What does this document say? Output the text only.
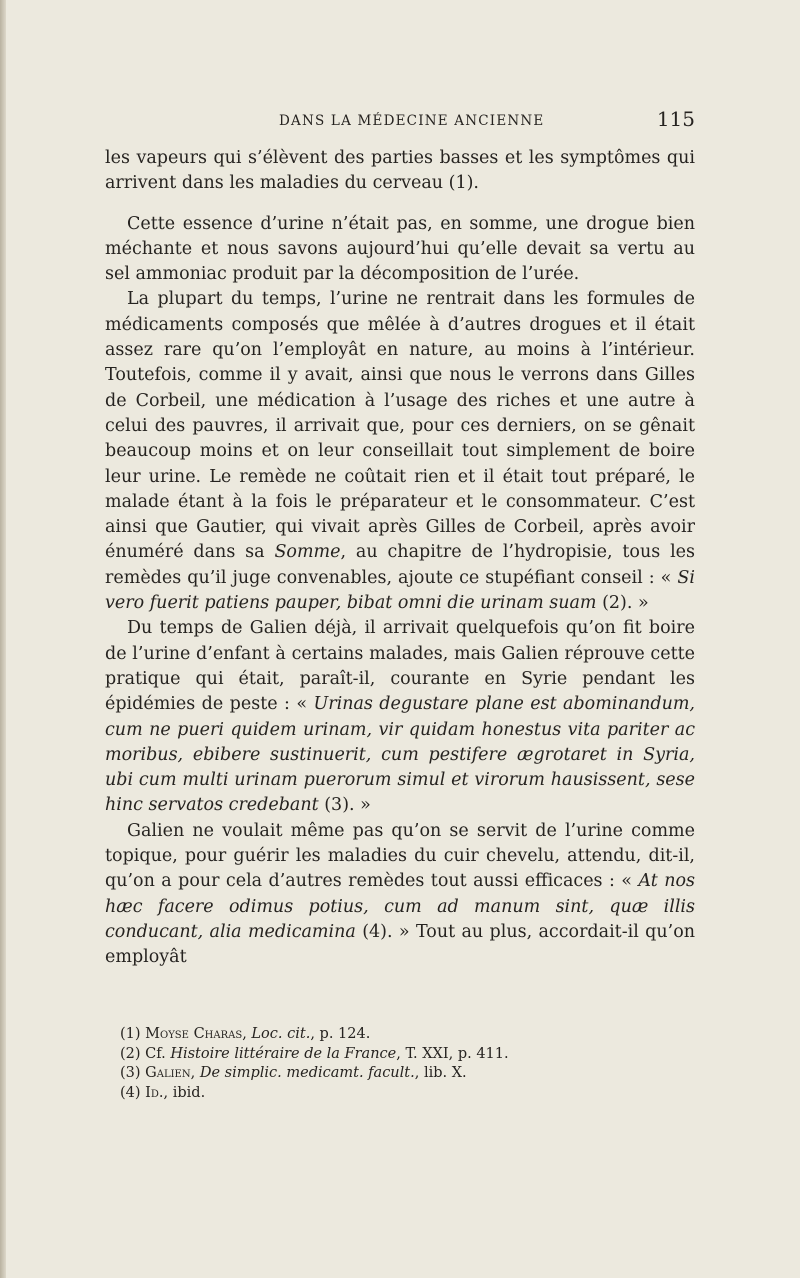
DANS LA MÉDECINE ANCIENNE	115

les vapeurs qui s’élèvent des parties basses et les symptômes qui arrivent dans les maladies du cerveau (1).

Cette essence d’urine n’était pas, en somme, une drogue bien méchante et nous savons aujourd’hui qu’elle devait sa vertu au sel ammoniac produit par la décomposition de l’urée.

La plupart du temps, l’urine ne rentrait dans les formules de médicaments composés que mêlée à d’autres drogues et il était assez rare qu’on l’employât en nature, au moins à l’intérieur. Toutefois, comme il y avait, ainsi que nous le verrons dans Gilles de Corbeil, une médication à l’usage des riches et une autre à celui des pauvres, il arrivait que, pour ces derniers, on se gênait beaucoup moins et on leur conseillait tout simplement de boire leur urine. Le remède ne coûtait rien et il était tout préparé, le malade étant à la fois le préparateur et le consommateur. C’est ainsi que Gautier, qui vivait après Gilles de Corbeil, après avoir énuméré dans sa Somme, au chapitre de l’hydropisie, tous les remèdes qu’il juge convenables, ajoute ce stupéfiant conseil : « Si vero fuerit patiens pauper, bibat omni die urinam suam (2). »

Du temps de Galien déjà, il arrivait quelquefois qu’on fit boire de l’urine d’enfant à certains malades, mais Galien réprouve cette pratique qui était, paraît-il, courante en Syrie pendant les épidémies de peste : « Urinas degustare plane est abominandum, cum ne pueri quidem urinam, vir quidam honestus vita pariter ac moribus, ebibere sustinuerit, cum pestifere ægrotaret in Syria, ubi cum multi urinam puerorum simul et virorum hausissent, sese hinc servatos credebant (3). »

Galien ne voulait même pas qu’on se servit de l’urine comme topique, pour guérir les maladies du cuir chevelu, attendu, dit-il, qu’on a pour cela d’autres remèdes tout aussi efficaces : « At nos hæc facere odimus potius, cum ad manum sint, quæ illis conducant, alia medicamina (4). » Tout au plus, accordait-il qu’on employât

(1) Moyse Charas, Loc. cit., p. 124.
(2) Cf. Histoire littéraire de la France, T. XXI, p. 411.
(3) Galien, De simplic. medicamt. facult., lib. X.
(4) Id., ibid.
